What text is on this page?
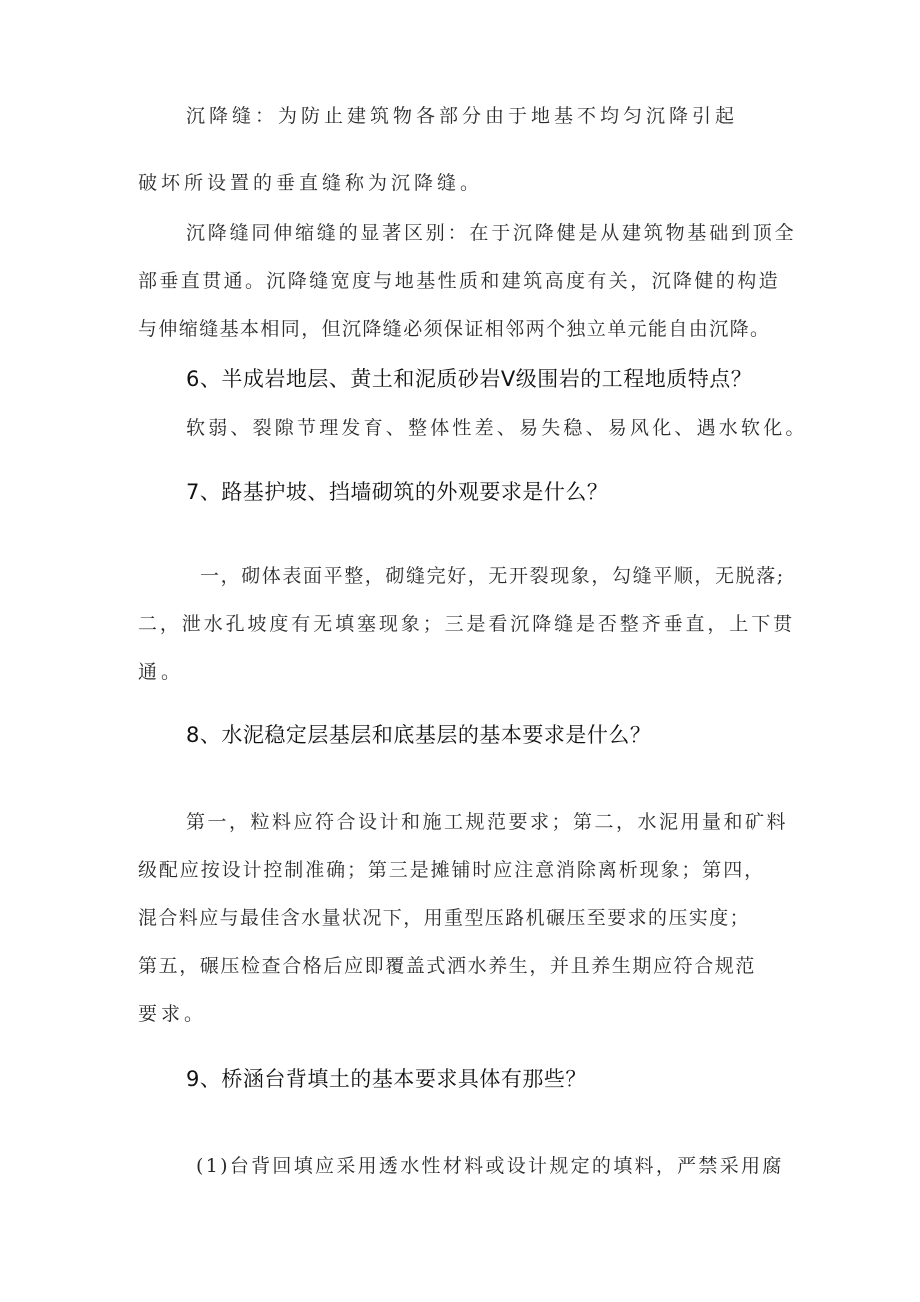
沉降缝：为防止建筑物各部分由于地基不均匀沉降引起
破坏所设置的垂直缝称为沉降缝。
沉降缝同伸缩缝的显著区别：在于沉降健是从建筑物基础到顶全
部垂直贯通。沉降缝宽度与地基性质和建筑高度有关，沉降健的构造
与伸缩缝基本相同，但沉降缝必须保证相邻两个独立单元能自由沉降。
6、半成岩地层、黄土和泥质砂岩Ⅴ级围岩的工程地质特点？
软弱、裂隙节理发育、整体性差、易失稳、易风化、遇水软化。
7、路基护坡、挡墙砌筑的外观要求是什么？
一，砌体表面平整，砌缝完好，无开裂现象，勾缝平顺，无脱落;
二，泄水孔坡度有无填塞现象；三是看沉降缝是否整齐垂直，上下贯
通。
8、水泥稳定层基层和底基层的基本要求是什么？
第一，粒料应符合设计和施工规范要求；第二，水泥用量和矿料
级配应按设计控制准确；第三是摊铺时应注意消除离析现象；第四，
混合料应与最佳含水量状况下，用重型压路机碾压至要求的压实度；
第五，碾压检查合格后应即覆盖式洒水养生，并且养生期应符合规范
要求。
9、桥涵台背填土的基本要求具体有那些？
(1)台背回填应采用透水性材料或设计规定的填料，严禁采用腐
